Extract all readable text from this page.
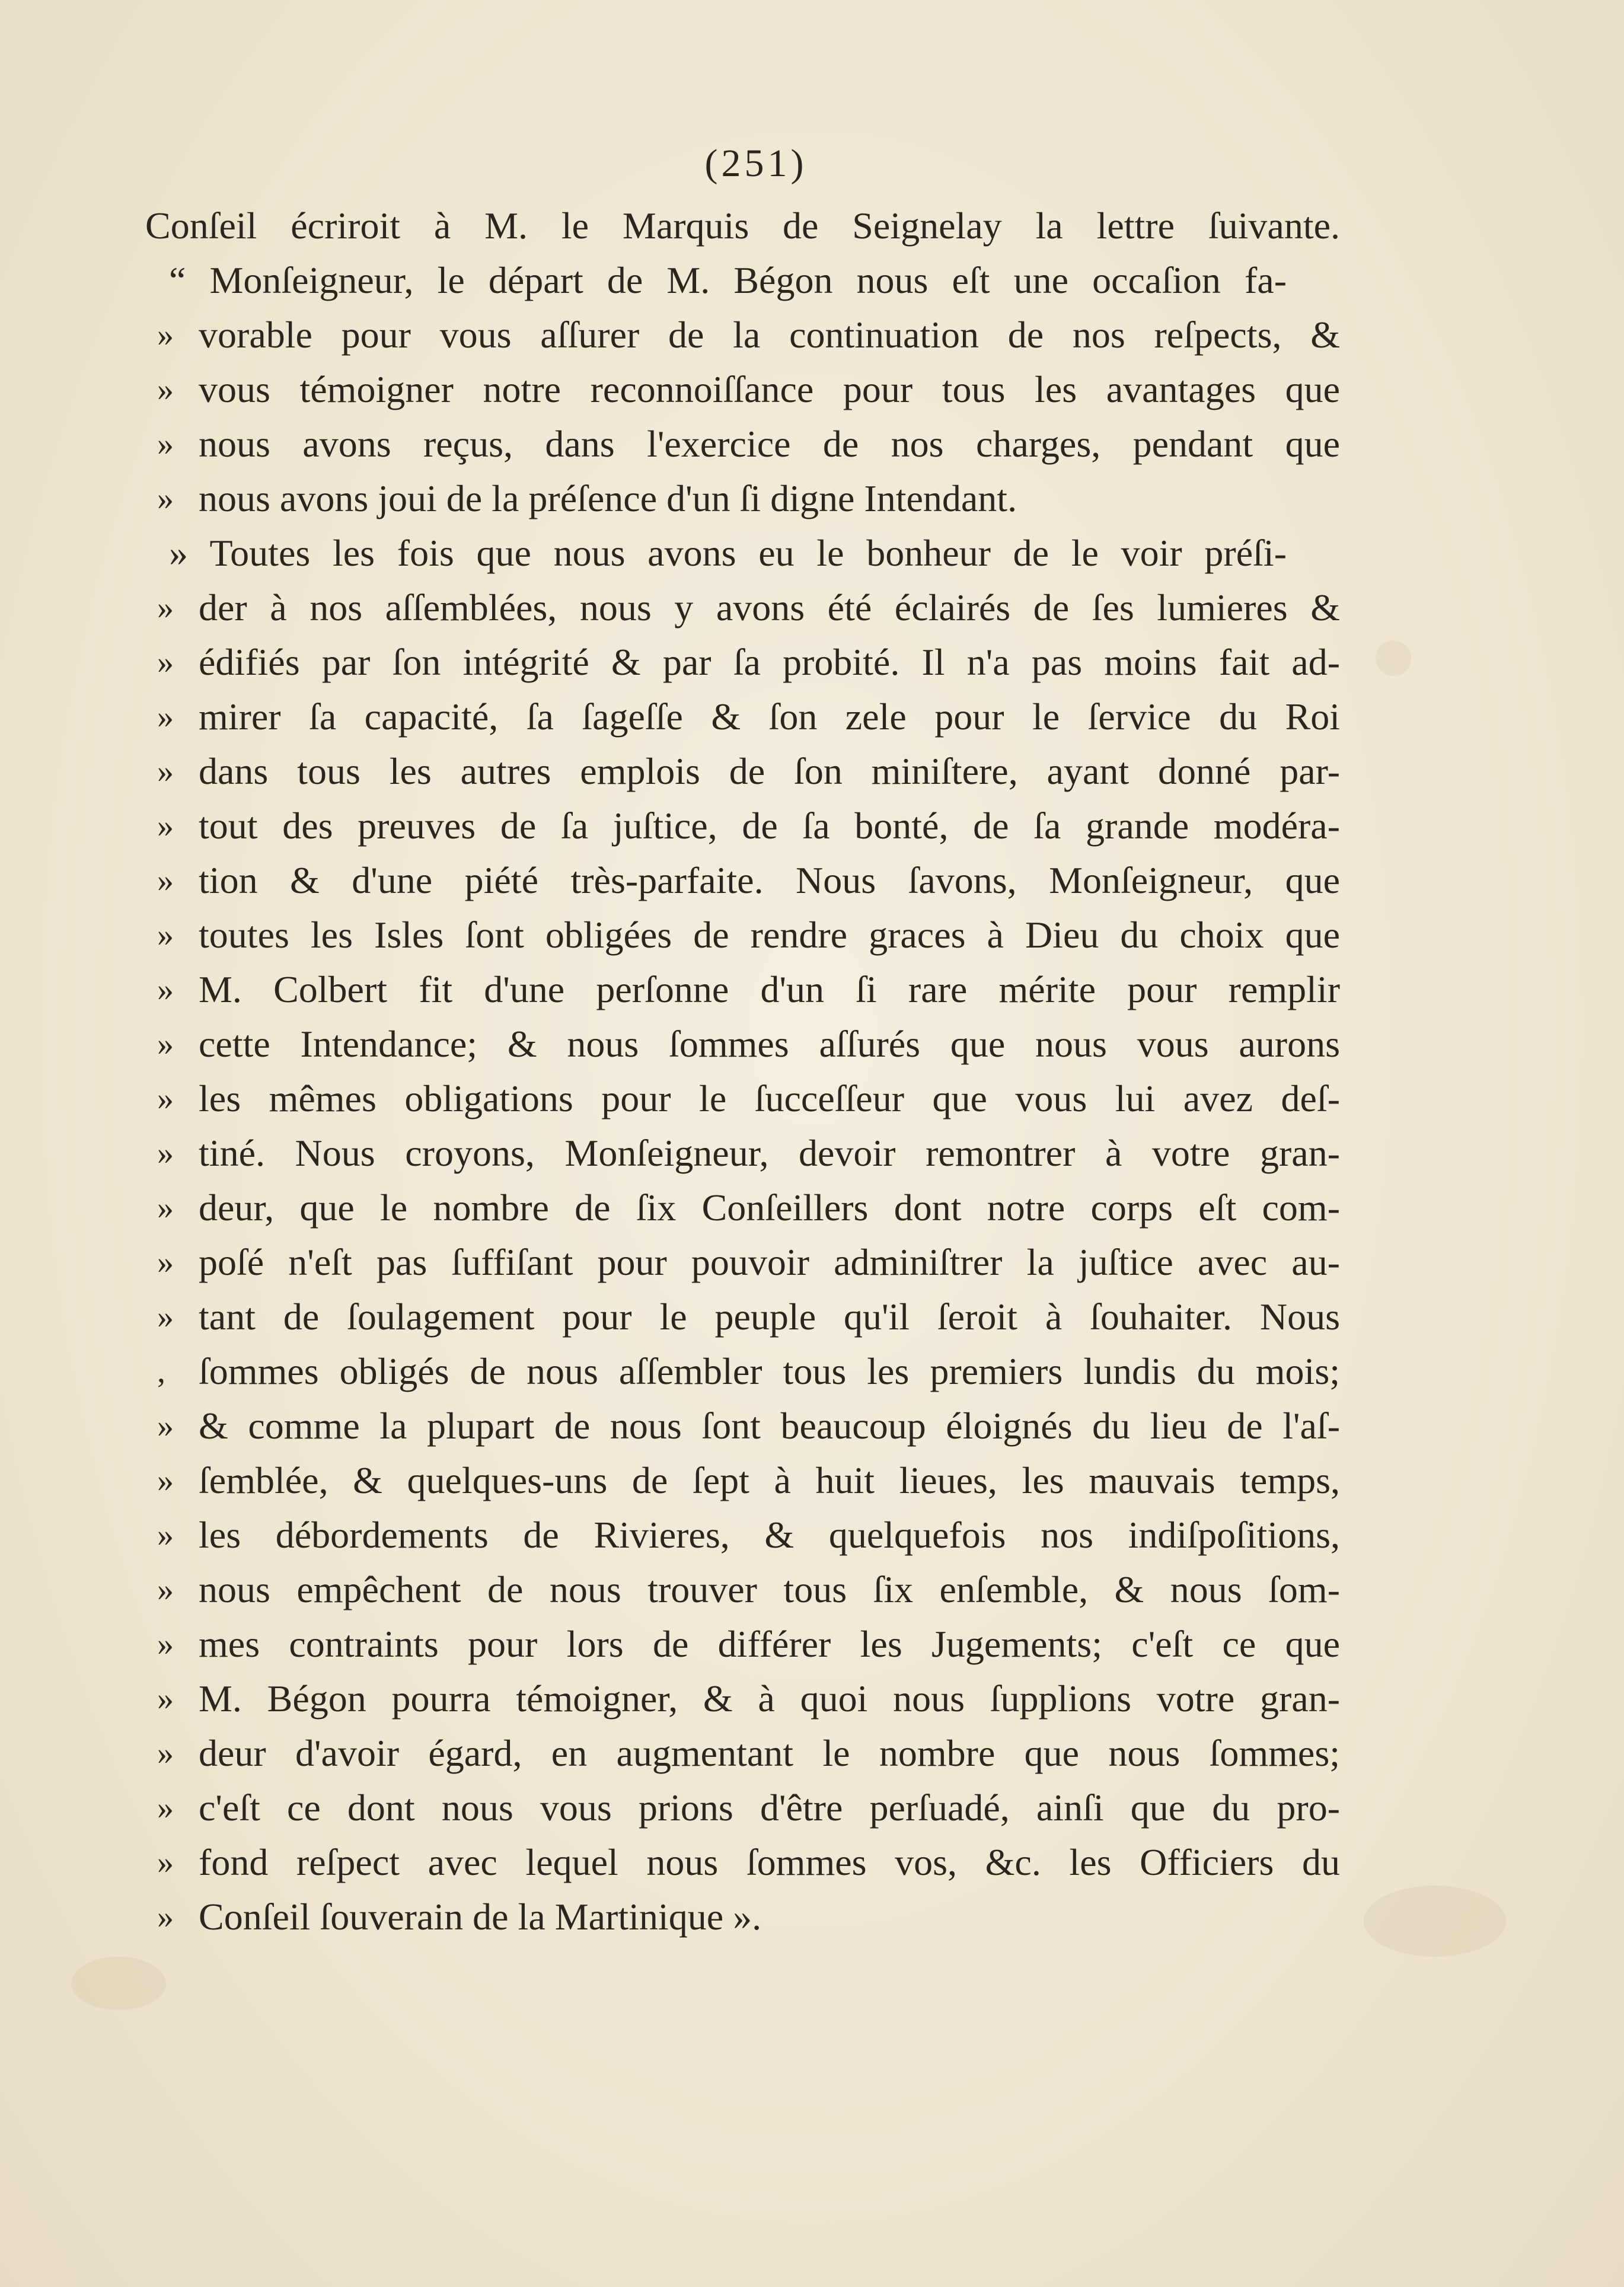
(251)
Conſeil écriroit à M. le Marquis de Seignelay la lettre ſuivante.
“ Monſeigneur, le départ de M. Bégon nous eſt une occaſion fa-
» vorable pour vous aſſurer de la continuation de nos reſpects, &
» vous témoigner notre reconnoiſſance pour tous les avantages que
» nous avons reçus, dans l'exercice de nos charges, pendant que
» nous avons joui de la préſence d'un ſi digne Intendant.
» Toutes les fois que nous avons eu le bonheur de le voir préſi-
» der à nos aſſemblées, nous y avons été éclairés de ſes lumieres &
» édifiés par ſon intégrité & par ſa probité. Il n'a pas moins fait ad-
» mirer ſa capacité, ſa ſageſſe & ſon zele pour le ſervice du Roi
» dans tous les autres emplois de ſon miniſtere, ayant donné par-
» tout des preuves de ſa juſtice, de ſa bonté, de ſa grande modéra-
» tion & d'une piété très-parfaite. Nous ſavons, Monſeigneur, que
» toutes les Isles ſont obligées de rendre graces à Dieu du choix que
» M. Colbert fit d'une perſonne d'un ſi rare mérite pour remplir
» cette Intendance; & nous ſommes aſſurés que nous vous aurons
» les mêmes obligations pour le ſucceſſeur que vous lui avez deſ-
» tiné. Nous croyons, Monſeigneur, devoir remontrer à votre gran-
» deur, que le nombre de ſix Conſeillers dont notre corps eſt com-
» poſé n'eſt pas ſuffiſant pour pouvoir adminiſtrer la juſtice avec au-
» tant de ſoulagement pour le peuple qu'il ſeroit à ſouhaiter. Nous
, ſommes obligés de nous aſſembler tous les premiers lundis du mois;
» & comme la plupart de nous ſont beaucoup éloignés du lieu de l'aſ-
» ſemblée, & quelques-uns de ſept à huit lieues, les mauvais temps,
» les débordements de Rivieres, & quelquefois nos indiſpoſitions,
» nous empêchent de nous trouver tous ſix enſemble, & nous ſom-
» mes contraints pour lors de différer les Jugements; c'eſt ce que
» M. Bégon pourra témoigner, & à quoi nous ſupplions votre gran-
» deur d'avoir égard, en augmentant le nombre que nous ſommes;
» c'eſt ce dont nous vous prions d'être perſuadé, ainſi que du pro-
» fond reſpect avec lequel nous ſommes vos, &c. les Officiers du
» Conſeil ſouverain de la Martinique ».
